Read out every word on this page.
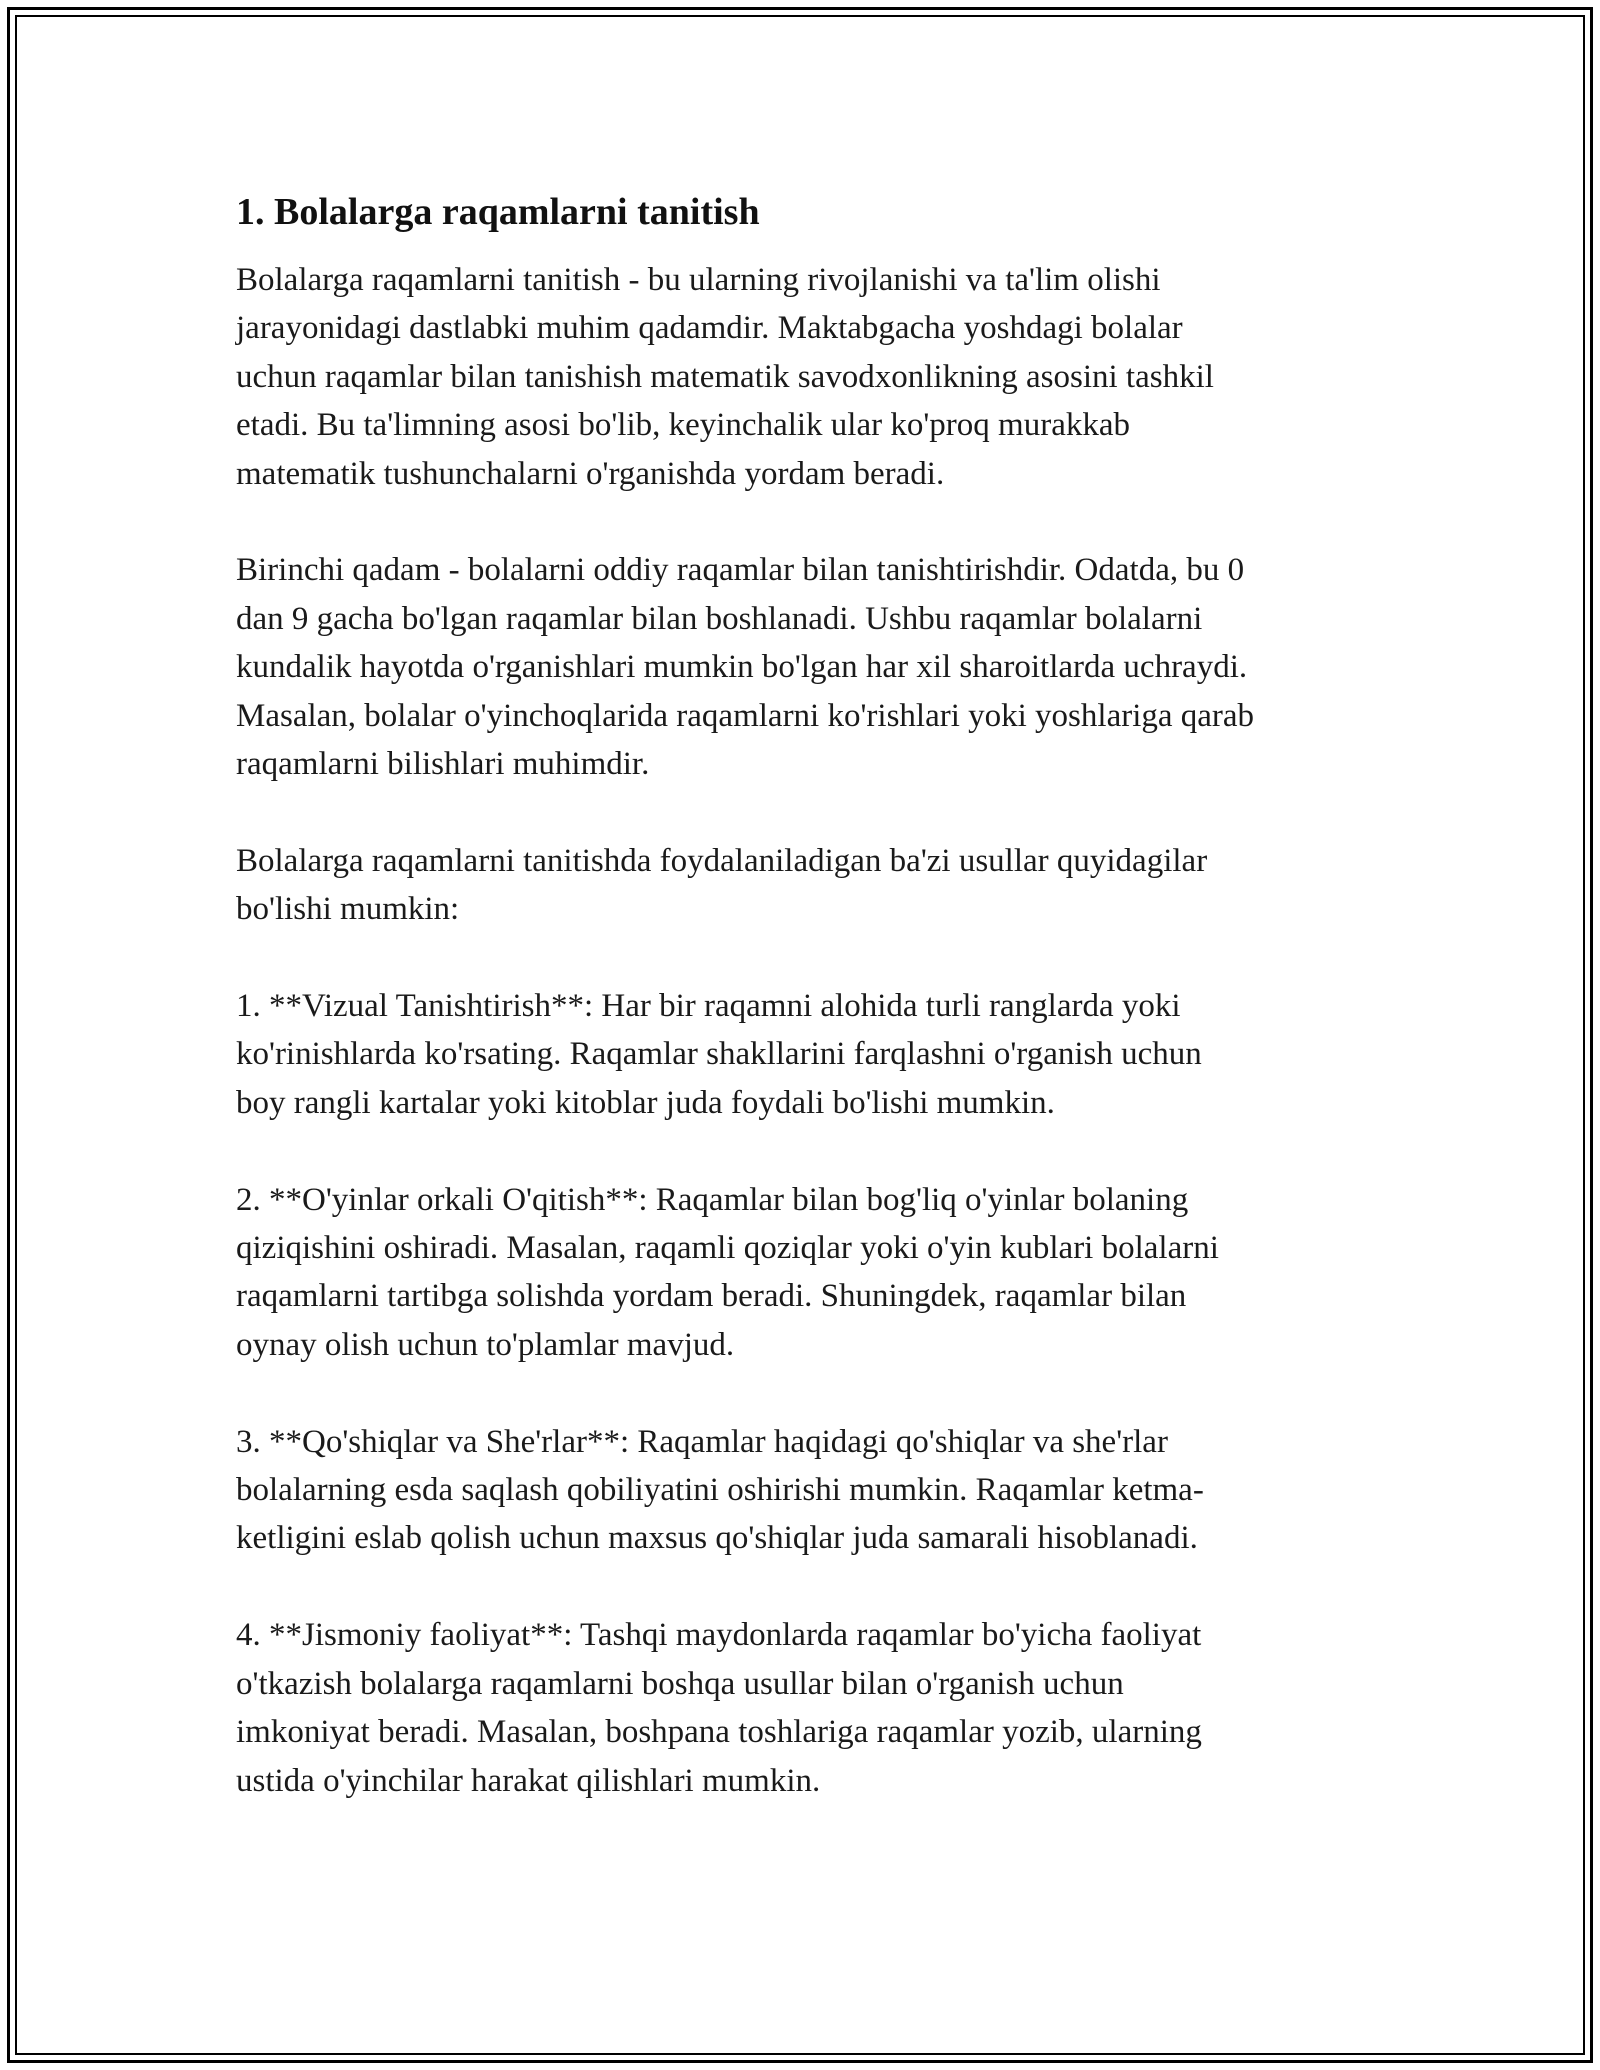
1. Bolalarga raqamlarni tanitish

Bolalarga raqamlarni tanitish - bu ularning rivojlanishi va ta'lim olishi
jarayonidagi dastlabki muhim qadamdir. Maktabgacha yoshdagi bolalar
uchun raqamlar bilan tanishish matematik savodxonlikning asosini tashkil
etadi. Bu ta'limning asosi bo'lib, keyinchalik ular ko'proq murakkab
matematik tushunchalarni o'rganishda yordam beradi.

Birinchi qadam - bolalarni oddiy raqamlar bilan tanishtirishdir. Odatda, bu 0
dan 9 gacha bo'lgan raqamlar bilan boshlanadi. Ushbu raqamlar bolalarni
kundalik hayotda o'rganishlari mumkin bo'lgan har xil sharoitlarda uchraydi.
Masalan, bolalar o'yinchoqlarida raqamlarni ko'rishlari yoki yoshlariga qarab
raqamlarni bilishlari muhimdir.

Bolalarga raqamlarni tanitishda foydalaniladigan ba'zi usullar quyidagilar
bo'lishi mumkin:

1. **Vizual Tanishtirish**: Har bir raqamni alohida turli ranglarda yoki
ko'rinishlarda ko'rsating. Raqamlar shakllarini farqlashni o'rganish uchun
boy rangli kartalar yoki kitoblar juda foydali bo'lishi mumkin.

2. **O'yinlar orkali O'qitish**: Raqamlar bilan bog'liq o'yinlar bolaning
qiziqishini oshiradi. Masalan, raqamli qoziqlar yoki o'yin kublari bolalarni
raqamlarni tartibga solishda yordam beradi. Shuningdek, raqamlar bilan
oynay olish uchun to'plamlar mavjud.

3. **Qo'shiqlar va She'rlar**: Raqamlar haqidagi qo'shiqlar va she'rlar
bolalarning esda saqlash qobiliyatini oshirishi mumkin. Raqamlar ketma-
ketligini eslab qolish uchun maxsus qo'shiqlar juda samarali hisoblanadi.

4. **Jismoniy faoliyat**: Tashqi maydonlarda raqamlar bo'yicha faoliyat
o'tkazish bolalarga raqamlarni boshqa usullar bilan o'rganish uchun
imkoniyat beradi. Masalan, boshpana toshlariga raqamlar yozib, ularning
ustida o'yinchilar harakat qilishlari mumkin.
